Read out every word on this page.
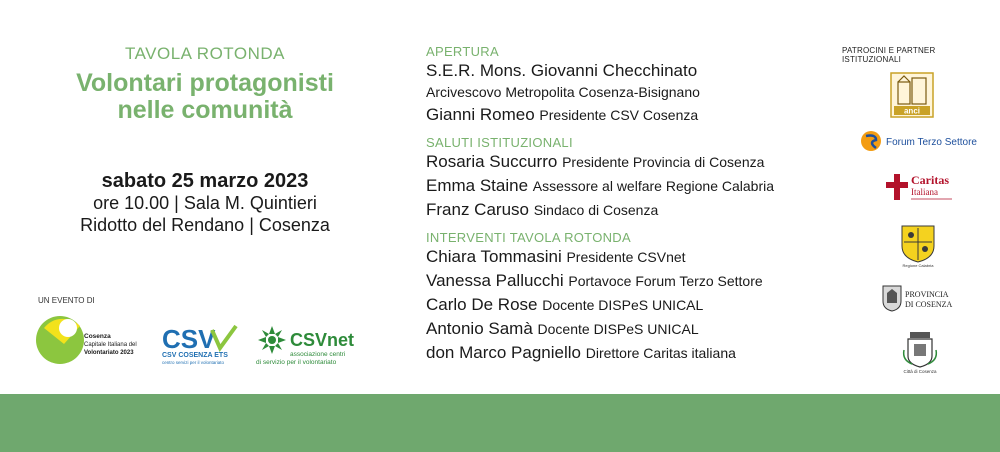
TAVOLA ROTONDA
Volontari protagonisti
nelle comunità
sabato 25 marzo 2023
ore 10.00 | Sala M. Quintieri
Ridotto del Rendano | Cosenza
UN EVENTO DI
Cosenza
Capitale Italiana del
Volontariato 2023 CSV
CSV COSENZA ETS
centro servizi per il volontariato
CSVnet
associazione centri
di servizio per il volontariato
APERTURA
S.E.R. Mons. Giovanni Checchinato
Arcivescovo Metropolita Cosenza-Bisignano
Gianni Romeo Presidente CSV Cosenza
SALUTI ISTITUZIONALI
Rosaria Succurro Presidente Provincia di Cosenza
Emma Staine Assessore al welfare Regione Calabria
Franz Caruso Sindaco di Cosenza
INTERVENTI TAVOLA ROTONDA
Chiara Tommasini Presidente CSVnet
Vanessa Pallucchi Portavoce Forum Terzo Settore
Carlo De Rose Docente DISPeS UNICAL
Antonio Samà Docente DISPeS UNICAL
don Marco Pagniello Direttore Caritas italiana
PATROCINI E PARTNER ISTITUZIONALI
anci
Forum Terzo Settore
Caritas
Italiana
Regione Calabria
PROVINCIA
DI COSENZA
Città di Cosenza
